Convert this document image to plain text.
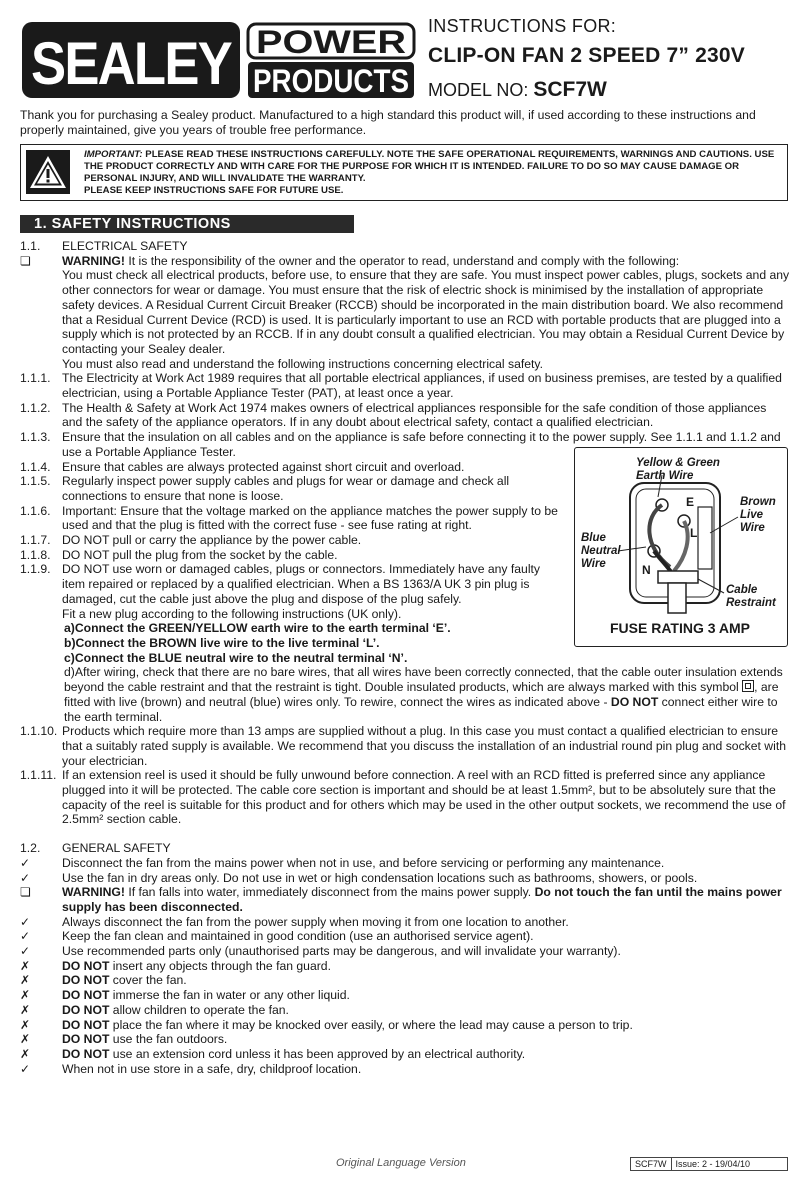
SEALEY POWER
PRODUCTS
INSTRUCTIONS FOR:
CLIP-ON FAN 2 SPEED 7” 230V
MODEL NO: SCF7W
Thank you for purchasing a Sealey product. Manufactured to a high standard this product will, if used according to these instructions and properly maintained, give you years of trouble free performance.
IMPORTANT: PLEASE READ THESE INSTRUCTIONS CAREFULLY. NOTE THE SAFE OPERATIONAL REQUIREMENTS, WARNINGS AND CAUTIONS. USE THE PRODUCT CORRECTLY AND WITH CARE FOR THE PURPOSE FOR WHICH IT IS INTENDED. FAILURE TO DO SO MAY CAUSE DAMAGE OR PERSONAL INJURY, AND WILL INVALIDATE THE WARRANTY.
PLEASE KEEP INSTRUCTIONS SAFE FOR FUTURE USE.
1. SAFETY INSTRUCTIONS
1.1.	ELECTRICAL SAFETY
❏	WARNING! It is the responsibility of the owner and the operator to read, understand and comply with the following:
You must check all electrical products, before use, to ensure that they are safe. You must inspect power cables, plugs, sockets and any other connectors for wear or damage. You must ensure that the risk of electric shock is minimised by the installation of appropriate safety devices. A Residual Current Circuit Breaker (RCCB) should be incorporated in the main distribution board. We also recommend that a Residual Current Device (RCD) is used. It is particularly important to use an RCD with portable products that are plugged into a supply which is not protected by an RCCB. If in any doubt consult a qualified electrician. You may obtain a Residual Current Device by contacting your Sealey dealer.
You must also read and understand the following instructions concerning electrical safety.
1.1.1. The Electricity at Work Act 1989 requires that all portable electrical appliances, if used on business premises, are tested by a qualified electrician, using a Portable Appliance Tester (PAT), at least once a year.
1.1.2. The Health & Safety at Work Act 1974 makes owners of electrical appliances responsible for the safe condition of those appliances and the safety of the appliance operators. If in any doubt about electrical safety, contact a qualified electrician.
1.1.3. Ensure that the insulation on all cables and on the appliance is safe before connecting it to the power supply. See 1.1.1 and 1.1.2 and use a Portable Appliance Tester.
1.1.4. Ensure that cables are always protected against short circuit and overload.
1.1.5. Regularly inspect power supply cables and plugs for wear or damage and check all connections to ensure that none is loose.
1.1.6. Important: Ensure that the voltage marked on the appliance matches the power supply to be used and that the plug is fitted with the correct fuse - see fuse rating at right.
1.1.7. DO NOT pull or carry the appliance by the power cable.
1.1.8. DO NOT pull the plug from the socket by the cable.
1.1.9. DO NOT use worn or damaged cables, plugs or connectors. Immediately have any faulty item repaired or replaced by a qualified electrician. When a BS 1363/A UK 3 pin plug is damaged, cut the cable just above the plug and dispose of the plug safely.
Fit a new plug according to the following instructions (UK only).
a)Connect the GREEN/YELLOW earth wire to the earth terminal ‘E’.
b)Connect the BROWN live wire to the live terminal ‘L’.
c)Connect the BLUE neutral wire to the neutral terminal ‘N’.
d)After wiring, check that there are no bare wires, that all wires have been correctly connected, that the cable outer insulation extends beyond the cable restraint and that the restraint is tight. Double insulated products, which are always marked with this symbol , are fitted with live (brown) and neutral (blue) wires only. To rewire, connect the wires as indicated above - DO NOT connect either wire to the earth terminal.
1.1.10. Products which require more than 13 amps are supplied without a plug. In this case you must contact a qualified electrician to ensure that a suitably rated supply is available. We recommend that you discuss the installation of an industrial round pin plug and socket with your electrician.
1.1.11. If an extension reel is used it should be fully unwound before connection. A reel with an RCD fitted is preferred since any appliance plugged into it will be protected. The cable core section is important and should be at least 1.5mm², but to be absolutely sure that the capacity of the reel is suitable for this product and for others which may be used in the other output sockets, we recommend the use of 2.5mm² section cable.
1.2.	GENERAL SAFETY
✓	Disconnect the fan from the mains power when not in use, and before servicing or performing any maintenance.
✓	Use the fan in dry areas only. Do not use in wet or high condensation locations such as bathrooms, showers, or pools.
❏	WARNING! If fan falls into water, immediately disconnect from the mains power supply. Do not touch the fan until the mains power supply has been disconnected.
✓	Always disconnect the fan from the power supply when moving it from one location to another.
✓	Keep the fan clean and maintained in good condition (use an authorised service agent).
✓	Use recommended parts only (unauthorised parts may be dangerous, and will invalidate your warranty).
✗	DO NOT insert any objects through the fan guard.
✗	DO NOT cover the fan.
✗	DO NOT immerse the fan in water or any other liquid.
✗	DO NOT allow children to operate the fan.
✗	DO NOT place the fan where it may be knocked over easily, or where the lead may cause a person to trip.
✗	DO NOT use the fan outdoors.
✗	DO NOT use an extension cord unless it has been approved by an electrical authority.
✓	When not in use store in a safe, dry, childproof location.
Yellow & Green Earth Wire
Brown Live Wire
Blue Neutral Wire
Cable Restraint
E
L
N
FUSE RATING 3 AMP
Original Language Version	SCF7W	Issue: 2 - 19/04/10
